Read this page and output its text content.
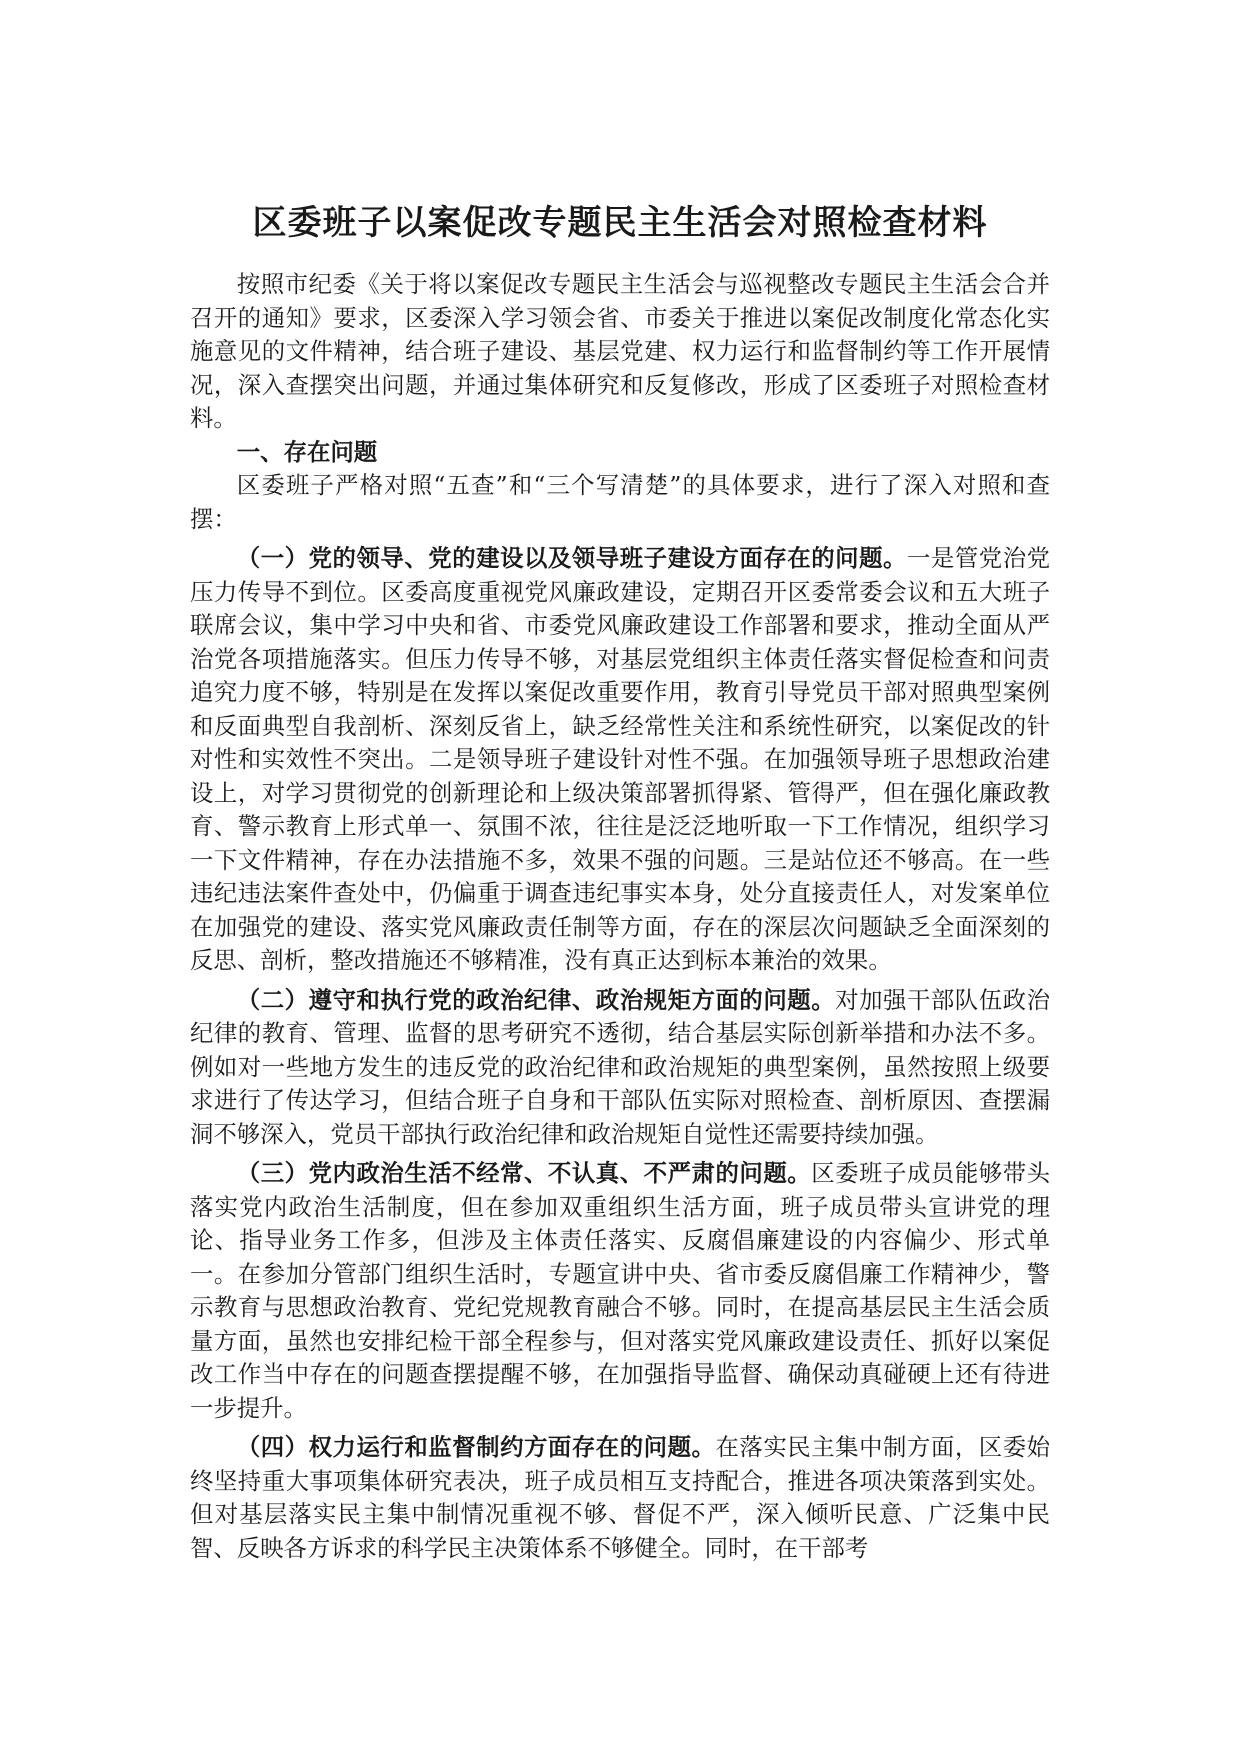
区委班子以案促改专题民主生活会对照检查材料

按照市纪委《关于将以案促改专题民主生活会与巡视整改专题民主生活会合并召开的通知》要求，区委深入学习领会省、市委关于推进以案促改制度化常态化实施意见的文件精神，结合班子建设、基层党建、权力运行和监督制约等工作开展情况，深入查摆突出问题，并通过集体研究和反复修改，形成了区委班子对照检查材料。

一、存在问题

区委班子严格对照“五查”和“三个写清楚”的具体要求，进行了深入对照和查摆：

（一）党的领导、党的建设以及领导班子建设方面存在的问题。一是管党治党压力传导不到位。区委高度重视党风廉政建设，定期召开区委常委会议和五大班子联席会议，集中学习中央和省、市委党风廉政建设工作部署和要求，推动全面从严治党各项措施落实。但压力传导不够，对基层党组织主体责任落实督促检查和问责追究力度不够，特别是在发挥以案促改重要作用，教育引导党员干部对照典型案例和反面典型自我剖析、深刻反省上，缺乏经常性关注和系统性研究，以案促改的针对性和实效性不突出。二是领导班子建设针对性不强。在加强领导班子思想政治建设上，对学习贯彻党的创新理论和上级决策部署抓得紧、管得严，但在强化廉政教育、警示教育上形式单一、氛围不浓，往往是泛泛地听取一下工作情况，组织学习一下文件精神，存在办法措施不多，效果不强的问题。三是站位还不够高。在一些违纪违法案件查处中，仍偏重于调查违纪事实本身，处分直接责任人，对发案单位在加强党的建设、落实党风廉政责任制等方面，存在的深层次问题缺乏全面深刻的反思、剖析，整改措施还不够精准，没有真正达到标本兼治的效果。

（二）遵守和执行党的政治纪律、政治规矩方面的问题。对加强干部队伍政治纪律的教育、管理、监督的思考研究不透彻，结合基层实际创新举措和办法不多。例如对一些地方发生的违反党的政治纪律和政治规矩的典型案例，虽然按照上级要求进行了传达学习，但结合班子自身和干部队伍实际对照检查、剖析原因、查摆漏洞不够深入，党员干部执行政治纪律和政治规矩自觉性还需要持续加强。

（三）党内政治生活不经常、不认真、不严肃的问题。区委班子成员能够带头落实党内政治生活制度，但在参加双重组织生活方面，班子成员带头宣讲党的理论、指导业务工作多，但涉及主体责任落实、反腐倡廉建设的内容偏少、形式单一。在参加分管部门组织生活时，专题宣讲中央、省市委反腐倡廉工作精神少，警示教育与思想政治教育、党纪党规教育融合不够。同时，在提高基层民主生活会质量方面，虽然也安排纪检干部全程参与，但对落实党风廉政建设责任、抓好以案促改工作当中存在的问题查摆提醒不够，在加强指导监督、确保动真碰硬上还有待进一步提升。

（四）权力运行和监督制约方面存在的问题。在落实民主集中制方面，区委始终坚持重大事项集体研究表决，班子成员相互支持配合，推进各项决策落到实处。但对基层落实民主集中制情况重视不够、督促不严，深入倾听民意、广泛集中民智、反映各方诉求的科学民主决策体系不够健全。同时，在干部考
